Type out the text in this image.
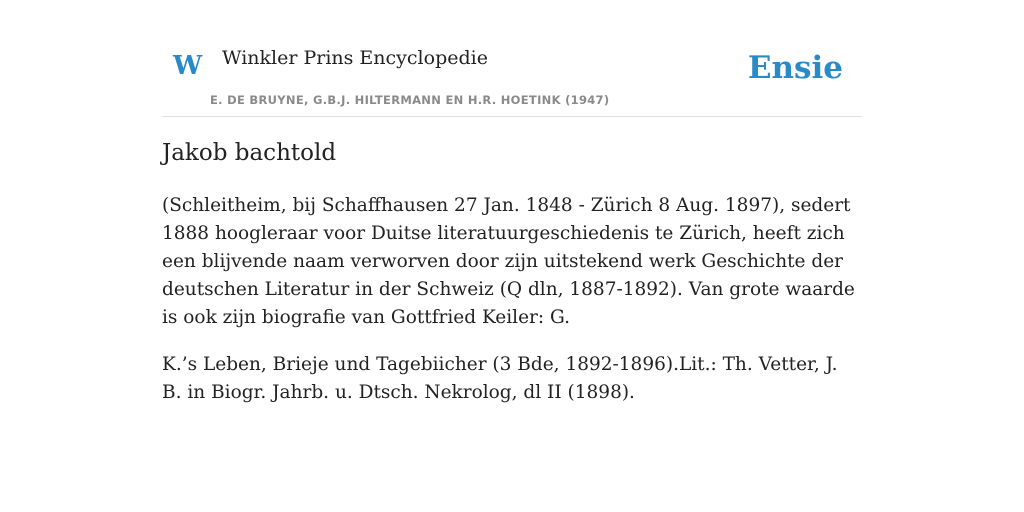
W Winkler Prins Encyclopedie
E. DE BRUYNE, G.B.J. HILTERMANN EN H.R. HOETINK (1947)
Ensie
Jakob bachtold

(Schleitheim, bij Schaffhausen 27 Jan. 1848 - Zürich 8 Aug. 1897), sedert 1888 hoogleraar voor Duitse literatuurgeschiedenis te Zürich, heeft zich een blijvende naam verworven door zijn uitstekend werk Geschichte der deutschen Literatur in der Schweiz (Q dln, 1887-1892). Van grote waarde is ook zijn biografie van Gottfried Keiler: G.

K.’s Leben, Brieje und Tagebiicher (3 Bde, 1892-1896).Lit.: Th. Vetter, J. B. in Biogr. Jahrb. u. Dtsch. Nekrolog, dl II (1898).
